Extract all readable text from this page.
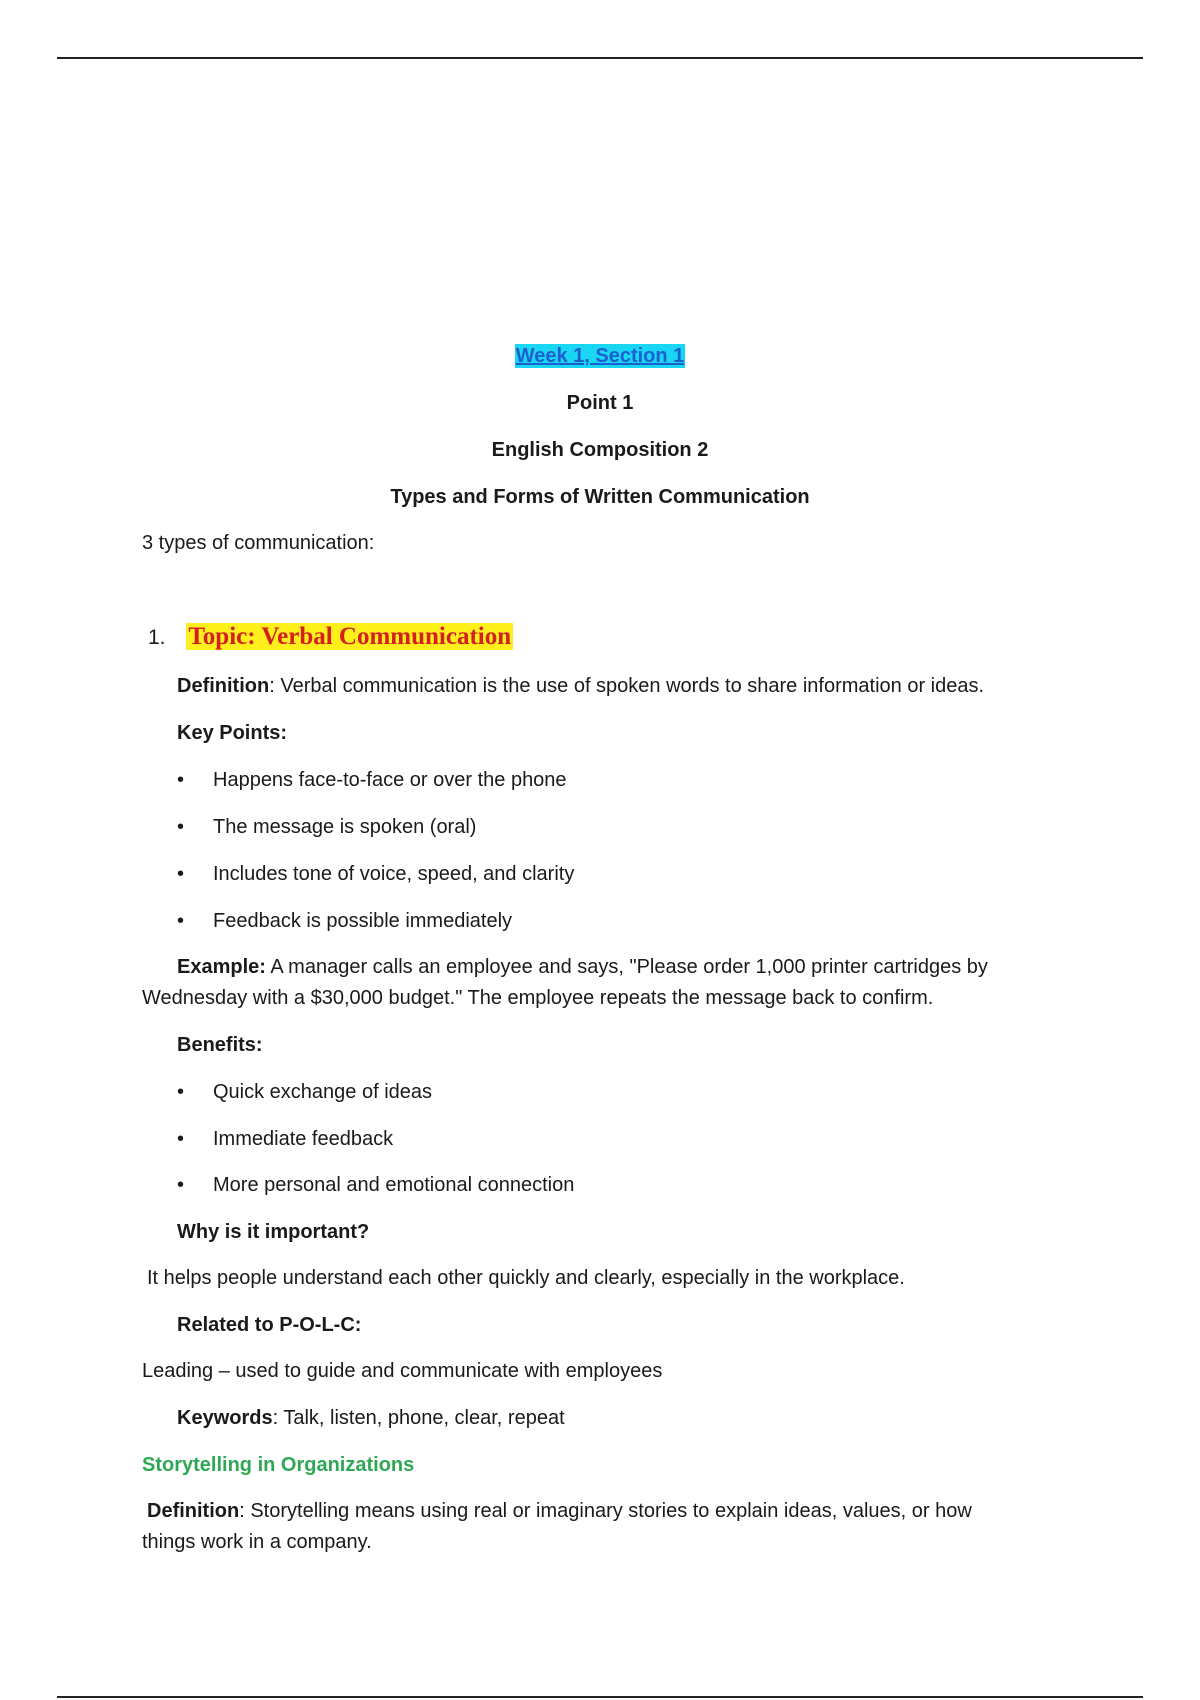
Week 1, Section 1
Point 1
English Composition 2
Types and Forms of Written Communication
3 types of communication:
1. Topic: Verbal Communication
Definition: Verbal communication is the use of spoken words to share information or ideas.
Key Points:
• Happens face-to-face or over the phone
• The message is spoken (oral)
• Includes tone of voice, speed, and clarity
• Feedback is possible immediately
Example: A manager calls an employee and says, "Please order 1,000 printer cartridges by
Wednesday with a $30,000 budget." The employee repeats the message back to confirm.
Benefits:
• Quick exchange of ideas
• Immediate feedback
• More personal and emotional connection
Why is it important?
It helps people understand each other quickly and clearly, especially in the workplace.
Related to P-O-L-C:
Leading – used to guide and communicate with employees
Keywords: Talk, listen, phone, clear, repeat
Storytelling in Organizations
Definition: Storytelling means using real or imaginary stories to explain ideas, values, or how
things work in a company.
